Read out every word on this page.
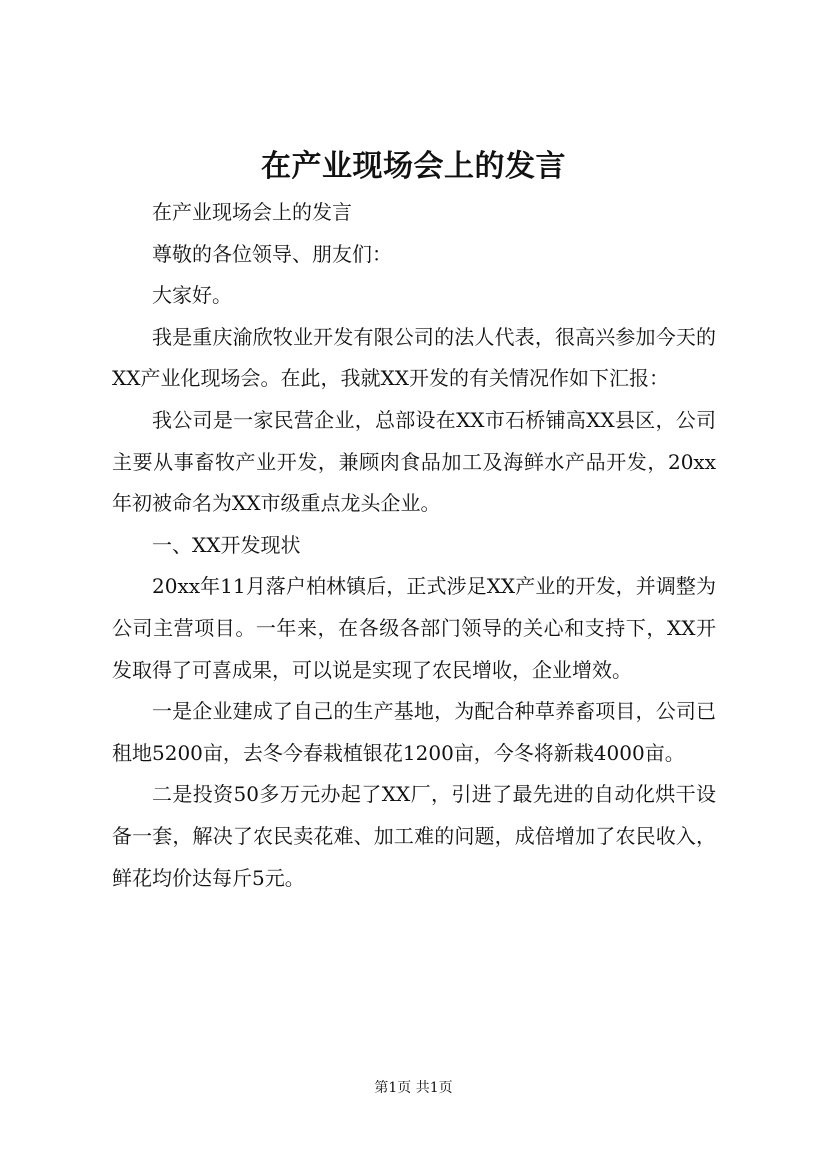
在产业现场会上的发言

在产业现场会上的发言

尊敬的各位领导、朋友们：

大家好。

我是重庆渝欣牧业开发有限公司的法人代表，很高兴参加今天的XX产业化现场会。在此，我就XX开发的有关情况作如下汇报：

我公司是一家民营企业，总部设在XX市石桥铺高XX县区，公司主要从事畜牧产业开发，兼顾肉食品加工及海鲜水产品开发，20xx年初被命名为XX市级重点龙头企业。

一、XX开发现状

20xx年11月落户柏林镇后，正式涉足XX产业的开发，并调整为公司主营项目。一年来，在各级各部门领导的关心和支持下，XX开发取得了可喜成果，可以说是实现了农民增收，企业增效。

一是企业建成了自己的生产基地，为配合种草养畜项目，公司已租地5200亩，去冬今春栽植银花1200亩，今冬将新栽4000亩。

二是投资50多万元办起了XX厂，引进了最先进的自动化烘干设备一套，解决了农民卖花难、加工难的问题，成倍增加了农民收入，鲜花均价达每斤5元。

第1页 共1页
